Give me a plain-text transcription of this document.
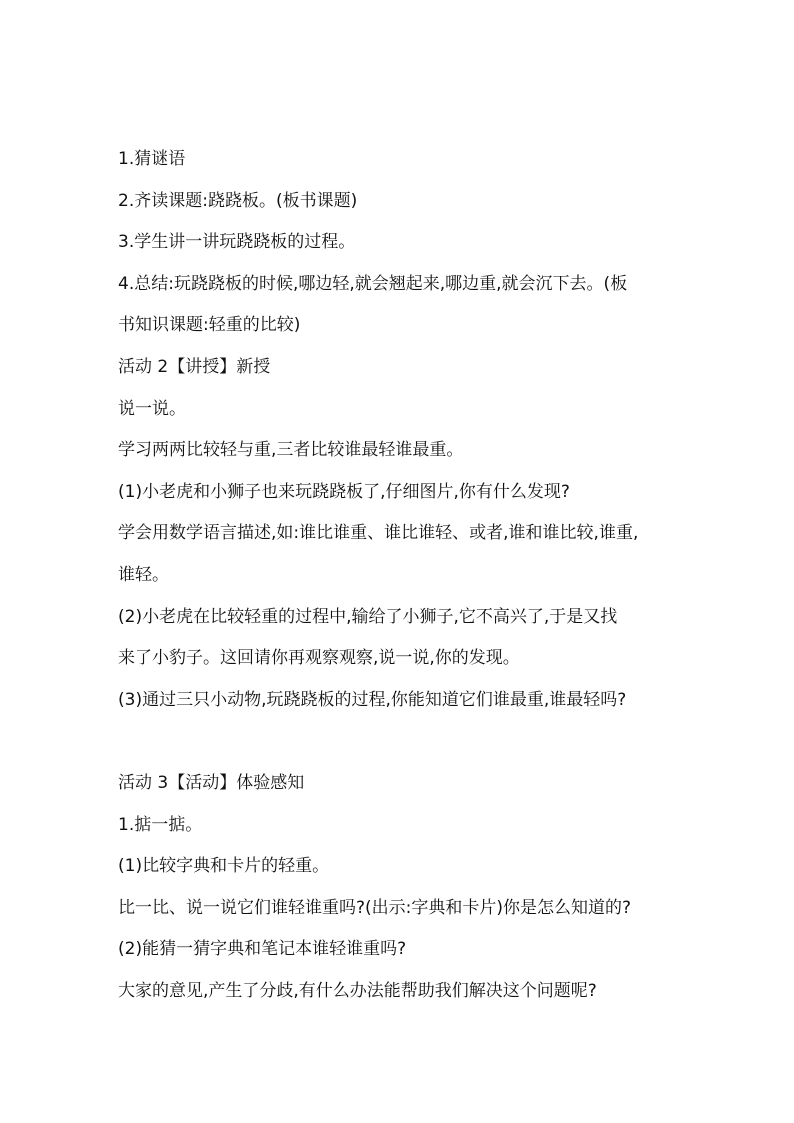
1.猜谜语
2.齐读课题:跷跷板。(板书课题)
3.学生讲一讲玩跷跷板的过程。
4.总结:玩跷跷板的时候,哪边轻,就会翘起来,哪边重,就会沉下去。(板
书知识课题:轻重的比较)
活动 2【讲授】新授
说一说。
学习两两比较轻与重,三者比较谁最轻谁最重。
(1)小老虎和小狮子也来玩跷跷板了,仔细图片,你有什么发现?
学会用数学语言描述,如:谁比谁重、谁比谁轻、或者,谁和谁比较,谁重,
谁轻。
(2)小老虎在比较轻重的过程中,输给了小狮子,它不高兴了,于是又找
来了小豹子。这回请你再观察观察,说一说,你的发现。
(3)通过三只小动物,玩跷跷板的过程,你能知道它们谁最重,谁最轻吗?
活动 3【活动】体验感知
1.掂一掂。
(1)比较字典和卡片的轻重。
比一比、说一说它们谁轻谁重吗?(出示:字典和卡片)你是怎么知道的?
(2)能猜一猜字典和笔记本谁轻谁重吗?
大家的意见,产生了分歧,有什么办法能帮助我们解决这个问题呢?
